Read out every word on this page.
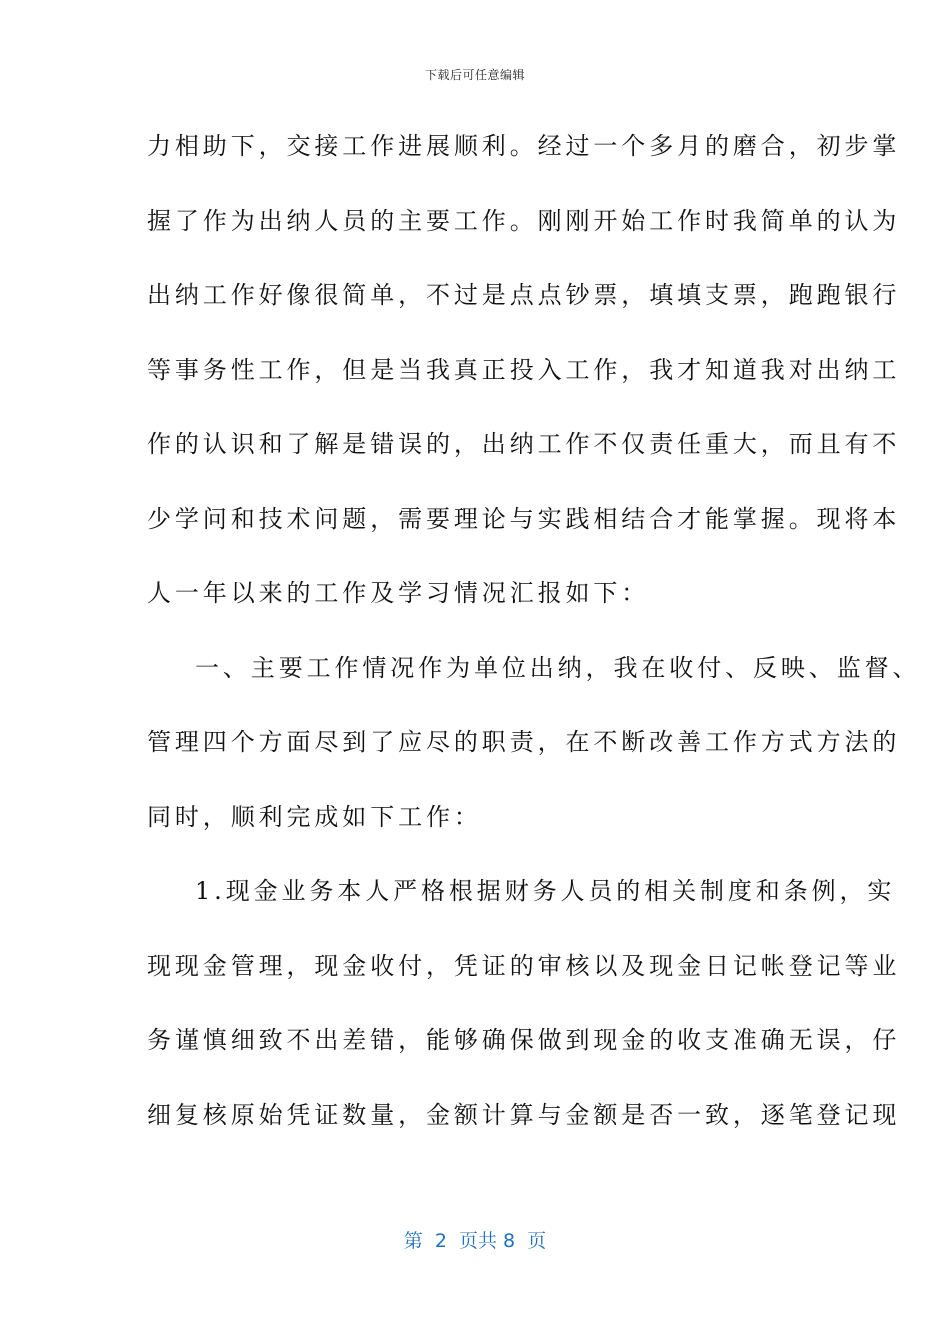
下载后可任意编辑
力相助下，交接工作进展顺利。经过一个多月的磨合，初步掌
握了作为出纳人员的主要工作。刚刚开始工作时我简单的认为
出纳工作好像很简单，不过是点点钞票，填填支票，跑跑银行
等事务性工作，但是当我真正投入工作，我才知道我对出纳工
作的认识和了解是错误的，出纳工作不仅责任重大，而且有不
少学问和技术问题，需要理论与实践相结合才能掌握。现将本
人一年以来的工作及学习情况汇报如下：
一、主要工作情况作为单位出纳，我在收付、反映、监督、
管理四个方面尽到了应尽的职责，在不断改善工作方式方法的
同时，顺利完成如下工作：
1.现金业务本人严格根据财务人员的相关制度和条例，实
现现金管理，现金收付，凭证的审核以及现金日记帐登记等业
务谨慎细致不出差错，能够确保做到现金的收支准确无误，仔
细复核原始凭证数量，金额计算与金额是否一致，逐笔登记现
第  2  页共 8  页
